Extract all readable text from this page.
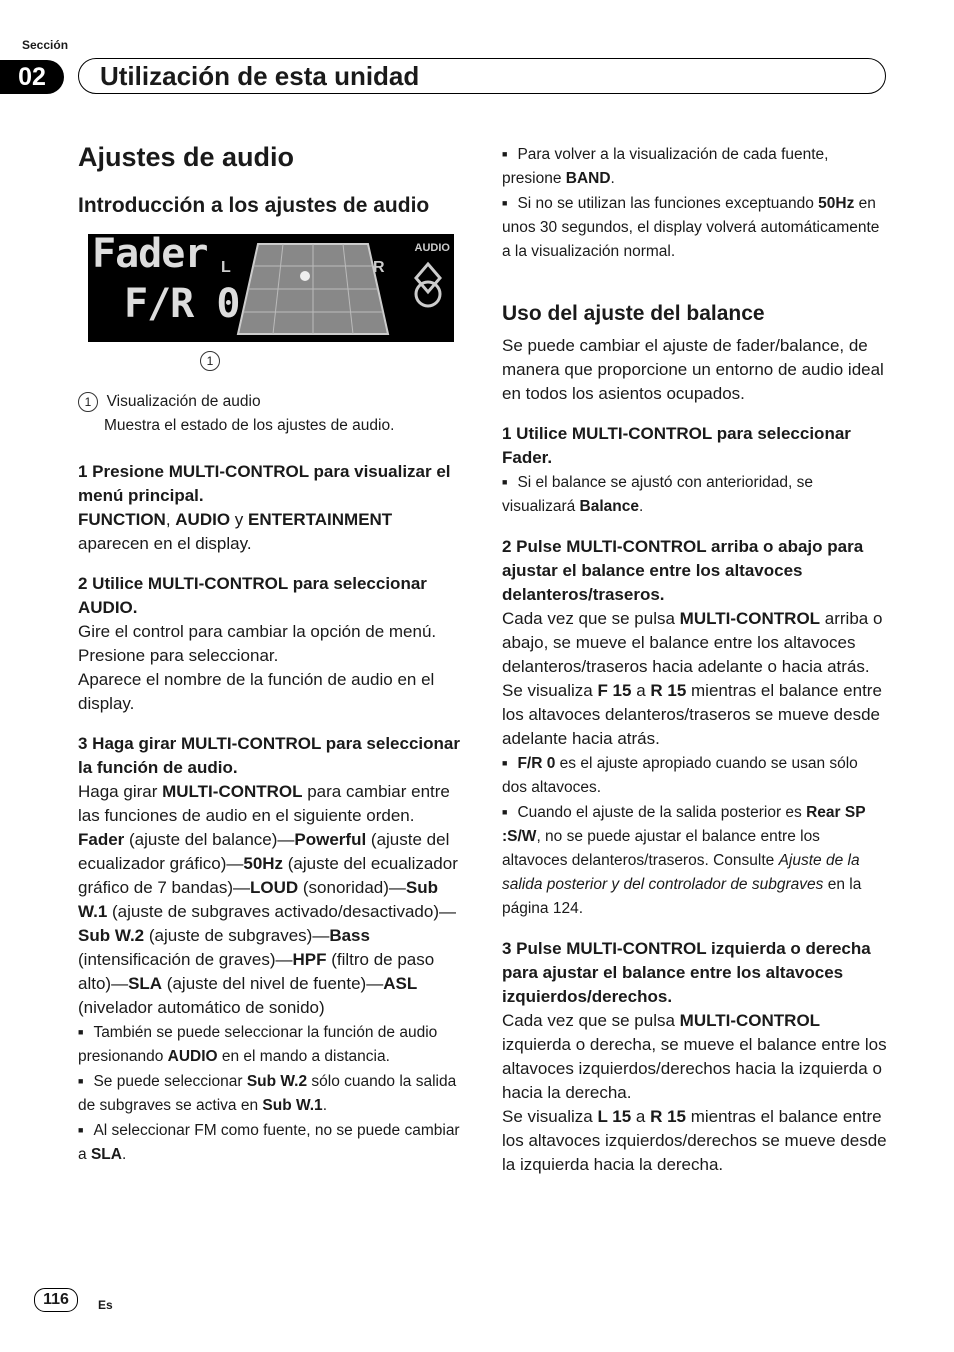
Sección
02	Utilización de esta unidad
Ajustes de audio
Introducción a los ajustes de audio
Fader
F/R 0
L	R
AUDIO
1

1 Visualización de audio
Muestra el estado de los ajustes de audio.

1 Presione MULTI-CONTROL para visualizar el menú principal.

FUNCTION, AUDIO y ENTERTAINMENT aparecen en el display.

2 Utilice MULTI-CONTROL para seleccionar AUDIO.

Gire el control para cambiar la opción de menú. Presione para seleccionar.

Aparece el nombre de la función de audio en el display.

3 Haga girar MULTI-CONTROL para seleccionar la función de audio.

Haga girar MULTI-CONTROL para cambiar entre las funciones de audio en el siguiente orden.

Fader (ajuste del balance)—Powerful (ajuste del ecualizador gráfico)—50Hz (ajuste del ecualizador gráfico de 7 bandas)—LOUD (sonoridad)—Sub W.1 (ajuste de subgraves activado/desactivado)—Sub W.2 (ajuste de subgraves)—Bass (intensificación de graves)—HPF (filtro de paso alto)—SLA (ajuste del nivel de fuente)—ASL (nivelador automático de sonido)

■ También se puede seleccionar la función de audio presionando AUDIO en el mando a distancia.

■ Se puede seleccionar Sub W.2 sólo cuando la salida de subgraves se activa en Sub W.1.

■ Al seleccionar FM como fuente, no se puede cambiar a SLA.

■ Para volver a la visualización de cada fuente, presione BAND.

■ Si no se utilizan las funciones exceptuando 50Hz en unos 30 segundos, el display volverá automáticamente a la visualización normal.

Uso del ajuste del balance

Se puede cambiar el ajuste de fader/balance, de manera que proporcione un entorno de audio ideal en todos los asientos ocupados.

1 Utilice MULTI-CONTROL para seleccionar Fader.

■ Si el balance se ajustó con anterioridad, se visualizará Balance.

2 Pulse MULTI-CONTROL arriba o abajo para ajustar el balance entre los altavoces delanteros/traseros.

Cada vez que se pulsa MULTI-CONTROL arriba o abajo, se mueve el balance entre los altavoces delanteros/traseros hacia adelante o hacia atrás.

Se visualiza F 15 a R 15 mientras el balance entre los altavoces delanteros/traseros se mueve desde adelante hacia atrás.

■ F/R 0 es el ajuste apropiado cuando se usan sólo dos altavoces.

■ Cuando el ajuste de la salida posterior es Rear SP :S/W, no se puede ajustar el balance entre los altavoces delanteros/traseros. Consulte Ajuste de la salida posterior y del controlador de subgraves en la página 124.

3 Pulse MULTI-CONTROL izquierda o derecha para ajustar el balance entre los altavoces izquierdos/derechos.

Cada vez que se pulsa MULTI-CONTROL izquierda o derecha, se mueve el balance entre los altavoces izquierdos/derechos hacia la izquierda o hacia la derecha.

Se visualiza L 15 a R 15 mientras el balance entre los altavoces izquierdos/derechos se mueve desde la izquierda hacia la derecha.

116	Es
